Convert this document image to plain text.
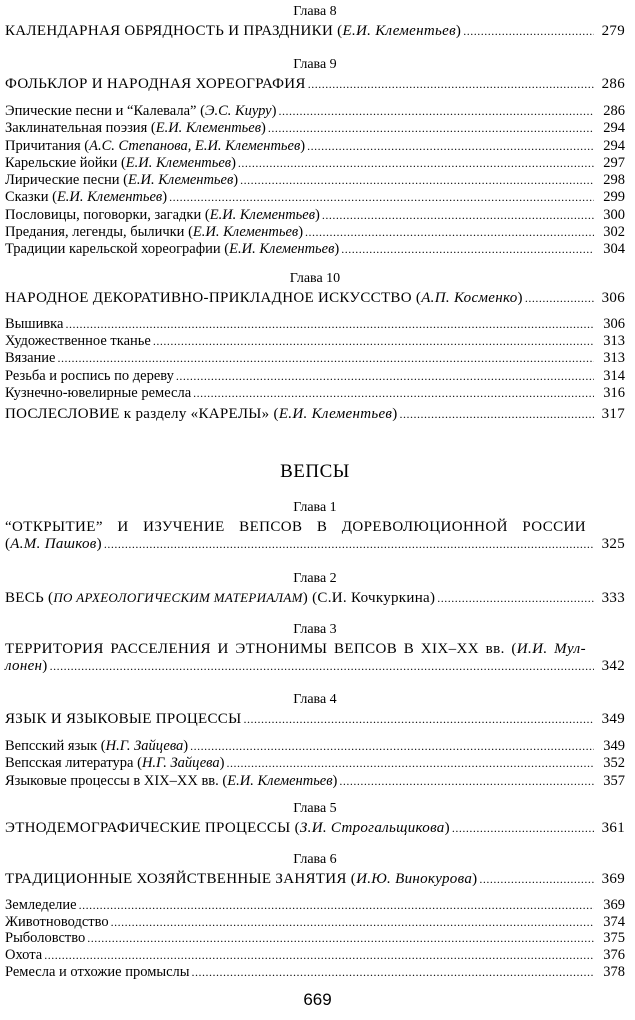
Глава 8
КАЛЕНДАРНАЯ ОБРЯДНОСТЬ И ПРАЗДНИКИ (Е.И. Клементьев) .....	279
Глава 9
ФОЛЬКЛОР И НАРОДНАЯ ХОРЕОГРАФИЯ .....	286
Эпические песни и “Калевала” (Э.С. Киуру) .....	286
Заклинательная поэзия (Е.И. Клементьев) .....	294
Причитания (А.С. Степанова, Е.И. Клементьев) .....	294
Карельские йойки (Е.И. Клементьев) .....	297
Лирические песни (Е.И. Клементьев) .....	298
Сказки (Е.И. Клементьев) .....	299
Пословицы, поговорки, загадки (Е.И. Клементьев) .....	300
Предания, легенды, былички (Е.И. Клементьев) .....	302
Традиции карельской хореографии (Е.И. Клементьев) .....	304
Глава 10
НАРОДНОЕ ДЕКОРАТИВНО-ПРИКЛАДНОЕ ИСКУССТВО (А.П. Косменко) .....	306
Вышивка .....	306
Художественное тканье .....	313
Вязание .....	313
Резьба и роспись по дереву .....	314
Кузнечно-ювелирные ремесла .....	316
ПОСЛЕСЛОВИЕ к разделу «КАРЕЛЫ» (Е.И. Клементьев) .....	317
ВЕПСЫ
Глава 1
“ОТКРЫТИЕ” И ИЗУЧЕНИЕ ВЕПСОВ В ДОРЕВОЛЮЦИОННОЙ РОССИИ
(А.М. Пашков) .....	325
Глава 2
ВЕСЬ (ПО АРХЕОЛОГИЧЕСКИМ МАТЕРИАЛАМ) (С.И. Кочкуркина) .....	333
Глава 3
ТЕРРИТОРИЯ РАССЕЛЕНИЯ И ЭТНОНИМЫ ВЕПСОВ В XIX–XX вв. (И.И. Мул-
лонен) .....	342
Глава 4
ЯЗЫК И ЯЗЫКОВЫЕ ПРОЦЕССЫ .....	349
Вепсский язык (Н.Г. Зайцева) .....	349
Вепсская литература (Н.Г. Зайцева) .....	352
Языковые процессы в XIX–XX вв. (Е.И. Клементьев) .....	357
Глава 5
ЭТНОДЕМОГРАФИЧЕСКИЕ ПРОЦЕССЫ (З.И. Строгальщикова) .....	361
Глава 6
ТРАДИЦИОННЫЕ ХОЗЯЙСТВЕННЫЕ ЗАНЯТИЯ (И.Ю. Винокурова) .....	369
Земледелие .....	369
Животноводство .....	374
Рыболовство .....	375
Охота .....	376
Ремесла и отхожие промыслы .....	378
669
